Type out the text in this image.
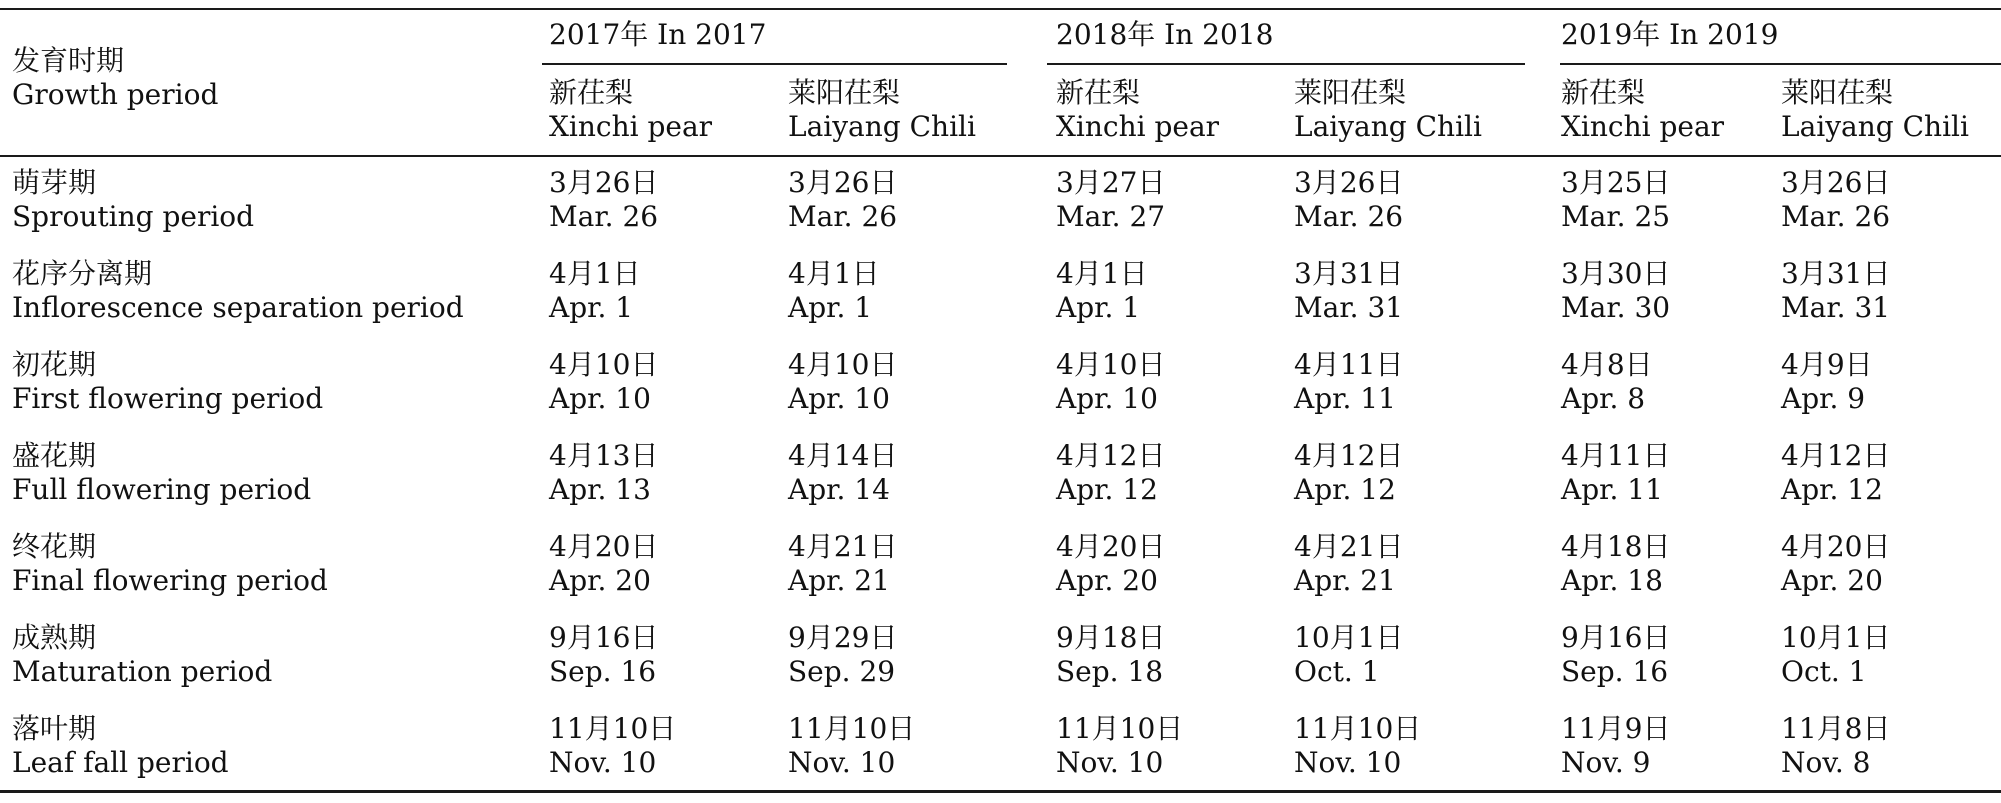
发育时期
Growth period
2017年 In 2017	2018年 In 2018	2019年 In 2019
新茌梨
Xinchi pear
莱阳茌梨
Laiyang Chili
新茌梨
Xinchi pear
莱阳茌梨
Laiyang Chili
新茌梨
Xinchi pear
莱阳茌梨
Laiyang Chili
萌芽期
Sprouting period
3月26日
Mar. 26
3月26日
Mar. 26
3月27日
Mar. 27
3月26日
Mar. 26
3月25日
Mar. 25
3月26日
Mar. 26
花序分离期
Inflorescence separation period
4月1日
Apr. 1
4月1日
Apr. 1
4月1日
Apr. 1
3月31日
Mar. 31
3月30日
Mar. 30
3月31日
Mar. 31
初花期
First flowering period
4月10日
Apr. 10
4月10日
Apr. 10
4月10日
Apr. 10
4月11日
Apr. 11
4月8日
Apr. 8
4月9日
Apr. 9
盛花期
Full flowering period
4月13日
Apr. 13
4月14日
Apr. 14
4月12日
Apr. 12
4月12日
Apr. 12
4月11日
Apr. 11
4月12日
Apr. 12
终花期
Final flowering period
4月20日
Apr. 20
4月21日
Apr. 21
4月20日
Apr. 20
4月21日
Apr. 21
4月18日
Apr. 18
4月20日
Apr. 20
成熟期
Maturation period
9月16日
Sep. 16
9月29日
Sep. 29
9月18日
Sep. 18
10月1日
Oct. 1
9月16日
Sep. 16
10月1日
Oct. 1
落叶期
Leaf fall period
11月10日
Nov. 10
11月10日
Nov. 10
11月10日
Nov. 10
11月10日
Nov. 10
11月9日
Nov. 9
11月8日
Nov. 8
